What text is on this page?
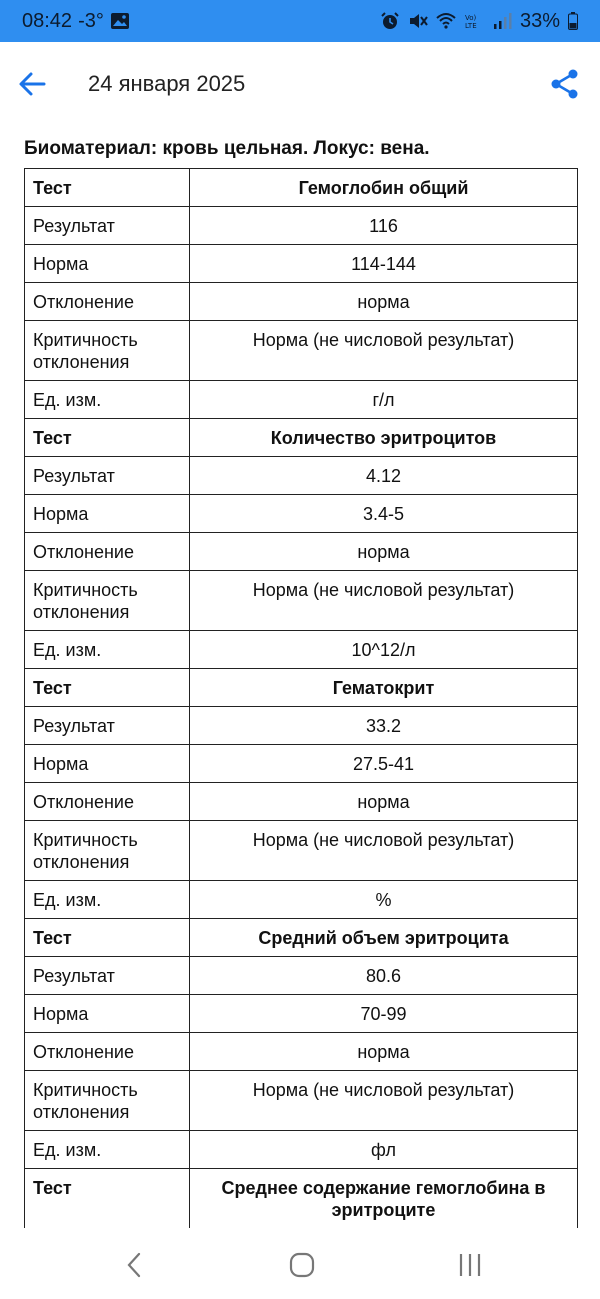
08:42 -3°	Vo)
LTE 33%
24 января 2025
Биоматериал: кровь цельная. Локус: вена.
Тест	Гемоглобин общий
Результат	116
Норма	114-144
Отклонение	норма
Критичность отклонения	Норма (не числовой результат)
Ед. изм.	г/л
Тест	Количество эритроцитов
Результат	4.12
Норма	3.4-5
Отклонение	норма
Критичность отклонения	Норма (не числовой результат)
Ед. изм.	10^12/л
Тест	Гематокрит
Результат	33.2
Норма	27.5-41
Отклонение	норма
Критичность отклонения	Норма (не числовой результат)
Ед. изм.	%
Тест	Средний объем эритроцита
Результат	80.6
Норма	70-99
Отклонение	норма
Критичность отклонения	Норма (не числовой результат)
Ед. изм.	фл
Тест	Среднее содержание гемоглобина в эритроците
